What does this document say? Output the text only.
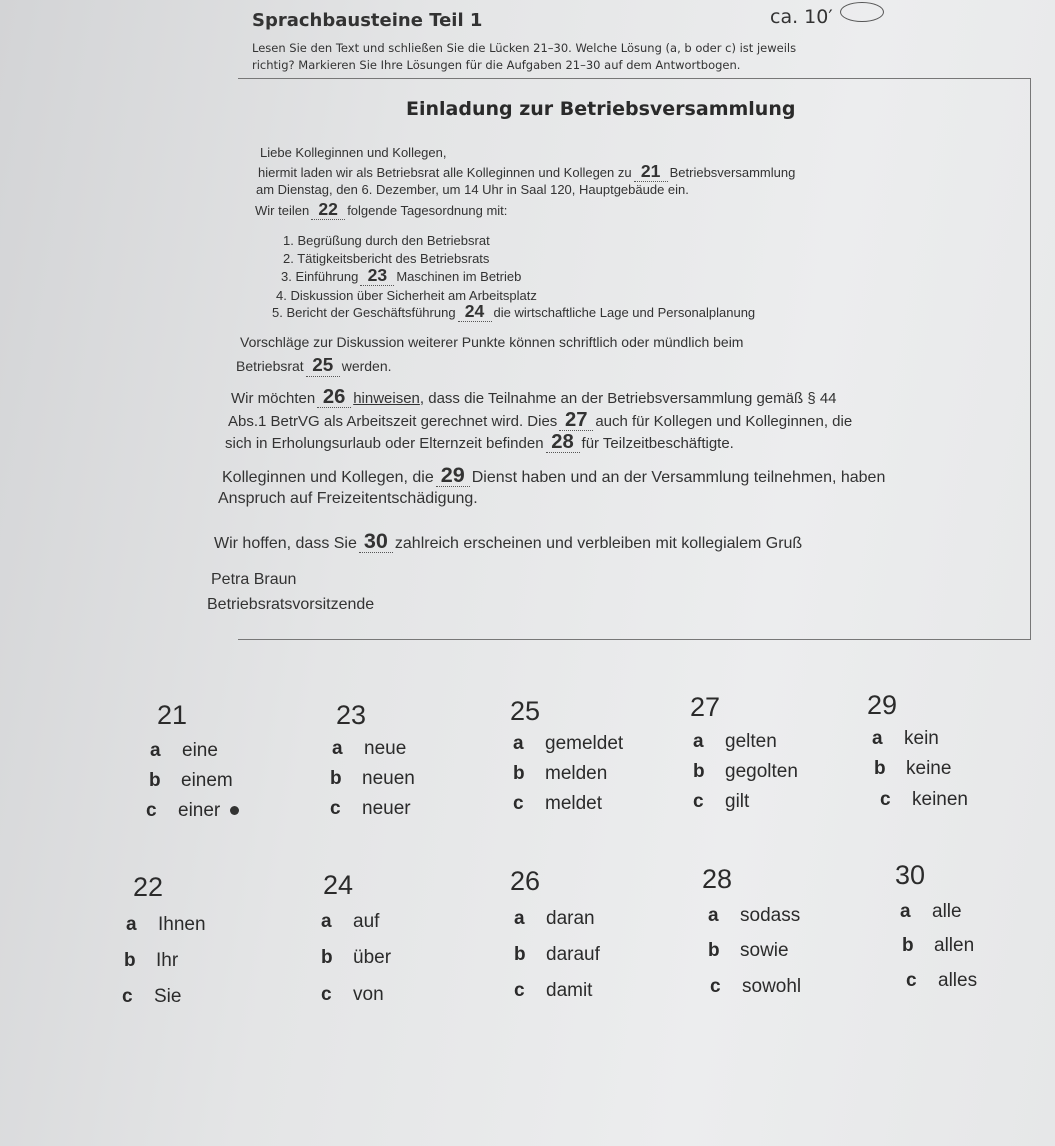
Sprachbausteine Teil 1	ca. 10′
Lesen Sie den Text und schließen Sie die Lücken 21–30. Welche Lösung (a, b oder c) ist jeweils
richtig? Markieren Sie Ihre Lösungen für die Aufgaben 21–30 auf dem Antwortbogen.
Einladung zur Betriebsversammlung
Liebe Kolleginnen und Kollegen,
hiermit laden wir als Betriebsrat alle Kolleginnen und Kollegen zu 21 Betriebsversammlung
am Dienstag, den 6. Dezember, um 14 Uhr in Saal 120, Hauptgebäude ein.
Wir teilen 22 folgende Tagesordnung mit:
1. Begrüßung durch den Betriebsrat
2. Tätigkeitsbericht des Betriebsrats
3. Einführung 23 Maschinen im Betrieb
4. Diskussion über Sicherheit am Arbeitsplatz
5. Bericht der Geschäftsführung 24 die wirtschaftliche Lage und Personalplanung
Vorschläge zur Diskussion weiterer Punkte können schriftlich oder mündlich beim
Betriebsrat 25 werden.
Wir möchten 26 hinweisen, dass die Teilnahme an der Betriebsversammlung gemäß § 44
Abs.1 BetrVG als Arbeitszeit gerechnet wird. Dies 27 auch für Kollegen und Kolleginnen, die
sich in Erholungsurlaub oder Elternzeit befinden 28 für Teilzeitbeschäftigte.
Kolleginnen und Kollegen, die 29 Dienst haben und an der Versammlung teilnehmen, haben
Anspruch auf Freizeitentschädigung.
Wir hoffen, dass Sie 30 zahlreich erscheinen und verbleiben mit kollegialem Gruß
Petra Braun
Betriebsratsvorsitzende
21
a eine
b einem
c einer
23
a neue
b neuen
c neuer
25
a gemeldet
b melden
c meldet
27
a gelten
b gegolten
c gilt
29
a kein
b keine
c keinen
22
a Ihnen
b Ihr
c Sie
24
a auf
b über
c von
26
a daran
b darauf
c damit
28
a sodass
b sowie
c sowohl
30
a alle
b allen
c alles
